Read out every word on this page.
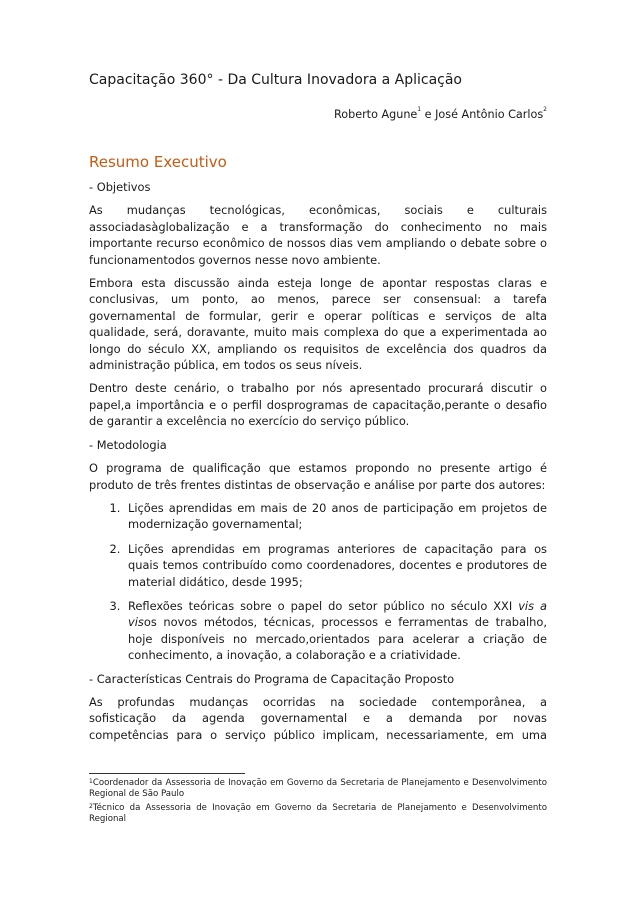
Capacitação 360° - Da Cultura Inovadora a Aplicação
Roberto Agune$^1$ e José Antônio Carlos$^2$
Resumo Executivo

- Objetivos

As mudanças tecnológicas, econômicas, sociais e culturais

associadasàglobalização e a transformação do conhecimento no mais importante recurso econômico de nossos dias vem ampliando o debate sobre o funcionamentodos governos nesse novo ambiente.

Embora esta discussão ainda esteja longe de apontar respostas claras e conclusivas, um ponto, ao menos, parece ser consensual: a tarefa governamental de formular, gerir e operar políticas e serviços de alta qualidade, será, doravante, muito mais complexa do que a experimentada ao longo do século XX, ampliando os requisitos de excelência dos quadros da administração pública, em todos os seus níveis.

Dentro deste cenário, o trabalho por nós apresentado procurará discutir o papel,a importância e o perfil dosprogramas de capacitação,perante o desafio de garantir a excelência no exercício do serviço público.

- Metodologia

O programa de qualificação que estamos propondo no presente artigo é produto de três frentes distintas de observação e análise por parte dos autores:

1. Lições aprendidas em mais de 20 anos de participação em projetos de modernização governamental;
2. Lições aprendidas em programas anteriores de capacitação para os quais temos contribuído como coordenadores, docentes e produtores de material didático, desde 1995;
3. Reflexões teóricas sobre o papel do setor público no século XXI vis a visos novos métodos, técnicas, processos e ferramentas de trabalho, hoje disponíveis no mercado,orientados para acelerar a criação de conhecimento, a inovação, a colaboração e a criatividade.

- Características Centrais do Programa de Capacitação Proposto

As profundas mudanças ocorridas na sociedade contemporânea, a

sofisticação da agenda governamental e a demanda por novas

competências para o serviço público implicam, necessariamente, em uma

$^1$Coordenador da Assessoria de Inovação em Governo da Secretaria de Planejamento e Desenvolvimento Regional de São Paulo

$^2$Técnico da Assessoria de Inovação em Governo da Secretaria de Planejamento e Desenvolvimento Regional
